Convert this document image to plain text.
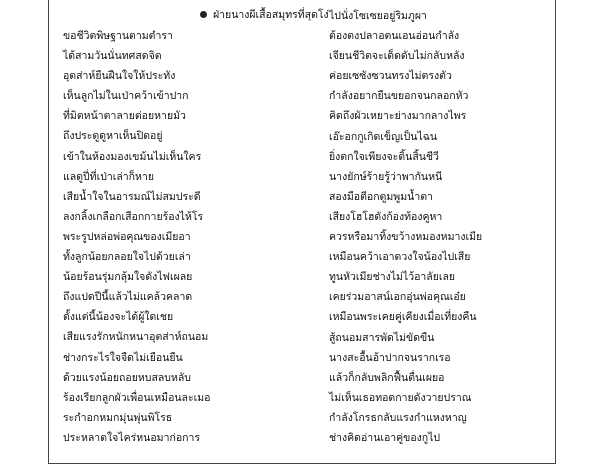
ฝ่ายนางผีเสื้อสมุทรที่สุดโง่
ขอชีวิตพิษฐานตามตำรา
ได้สามวันนั่นทศสดจิต
อุตส่าห์ยืนฝืนใจให้ประทัง
เห็นลูกไม่ในเป่าคว้าเข้าปาก
ที่มิตหน้าตาลายต่อยหายมัว
ถึงประตูดูหาเห็นปิดอยู่
เข้าในห้องมองเขม้นไม่เห็นใคร
แลดูปี่ที่เป่าเล่าก็หาย
เสียน้ำใจในอารมณ์ไม่สมประดี
ลงกลิ้งเกลือกเสือกกายร้องไห้โร
พระรูปหล่อพ่อคุณของเมียอา
ทั้งลูกน้อยกลอยใจไปด้วยเล่า
น้อยร้อนรุ่มกลุ้มใจดังไฟเผลย
ถึงแปดปีนี้แล้วไม่แคล้วคลาด
ตั้งแต่นี้น้องจะได้ผู้ใดเชย
เสียแรงรักหนักหนาอุตส่าห์ถนอม
ช่างกระไรใจจืดไม่เยือนยืน
ด้วยแรงน้อยถอยหบสลบหลับ
ร้องเรียกลูกผัวเพื่อนเหมือนละเมอ
ระกำอกหมกมุ่นพุ่นพิโรธ
ประหลาดใจไคร่หนอมาก่อการ
ไปนั่งโซเซยอยู่ริมภูผา
ต้องตงปลาอตนเอนอ่อนกำลัง
เจียนชีวิตจะเด็ดดับไม่กลับหลัง
ค่อยเซซังซวนทรงไม่ตรงตัว
กำลังอยากยืนขยอกจนกลอกหัว
คิดถึงผัวเหยาะย่างมากลางไพร
เอ๊ะอกกูเกิดเข็ญเป็นไฉน
ยิ่งตกใจเพียงจะดิ้นสิ้นชีวี
นางยักษ์ร้ายรู้ว่าพากันหนี
สองมือตีอกตูมพูมน้ำตา
เสียงโฮโฮดังก้องท้องคูหา
ควรหรือมาทิ้งขว้างหมองหมางเมีย
เหมือนคว้าเอาดวงใจน้องไปเสีย
ทูนหัวเมียช่างไม่ไว้อาลัยเลย
เคยร่วมอาสน์เอกอุ่นพ่อคุณเอ๋ย
เหมือนพระเคยคู่เคียงเมื่อเที่ยงคืน
สู้ถนอมสารพัดไม่ขัดขืน
นางสะอื้นอ้าปากจนรากเรอ
แล้วก็กลับพลิกฟื้นตื่นเผยอ
ไม่เห็นเธอทอดกายดังวายปราณ
กำลังโกรธกลับแรงกำแหงหาญ
ช่างคิดอ่านเอาคู่ของกูไป
